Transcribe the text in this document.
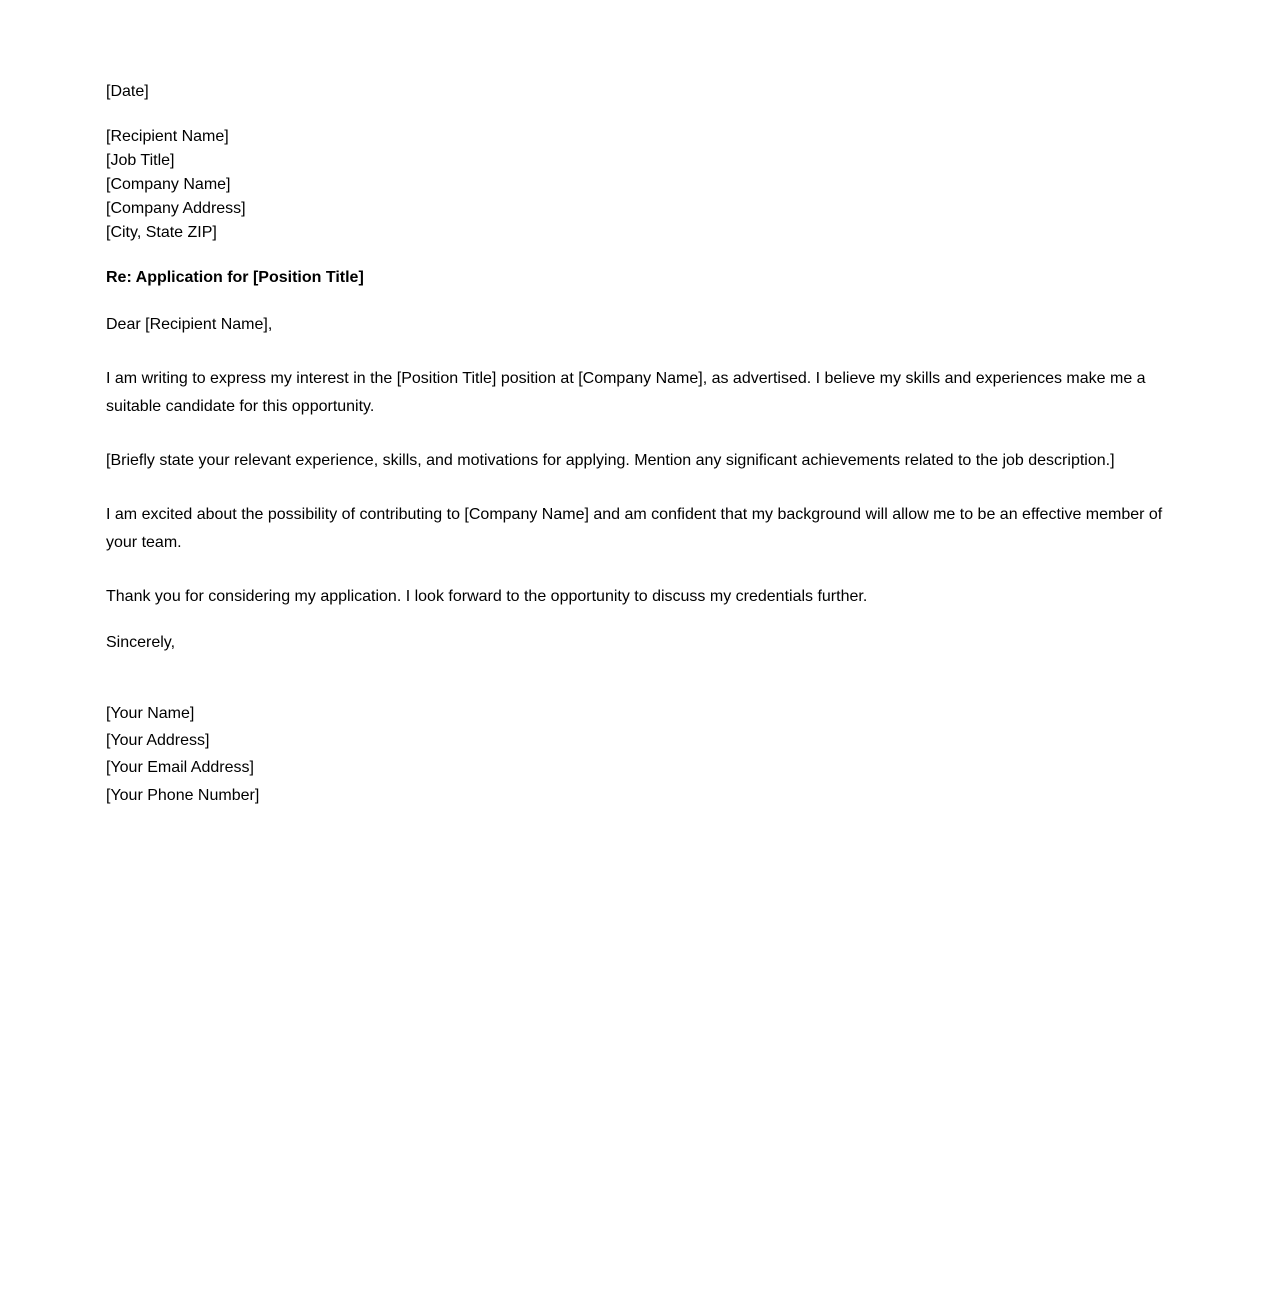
[Date]
[Recipient Name]
[Job Title]
[Company Name]
[Company Address]
[City, State ZIP]
Re: Application for [Position Title]
Dear [Recipient Name],
I am writing to express my interest in the [Position Title] position at [Company Name], as advertised. I believe my skills and experiences make me a suitable candidate for this opportunity.
[Briefly state your relevant experience, skills, and motivations for applying. Mention any significant achievements related to the job description.]
I am excited about the possibility of contributing to [Company Name] and am confident that my background will allow me to be an effective member of your team.
Thank you for considering my application. I look forward to the opportunity to discuss my credentials further.
Sincerely,
[Your Name]
[Your Address]
[Your Email Address]
[Your Phone Number]
